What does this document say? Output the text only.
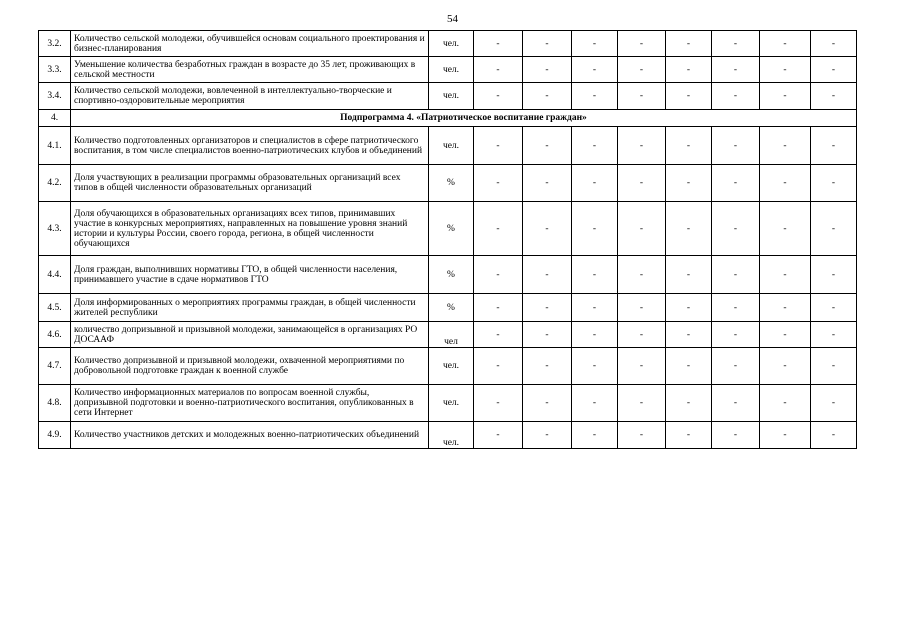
54
3.2.	Количество сельской молодежи, обучившейся основам социального проектирования и бизнес-планирования	чел.	-	-	-	-	-	-	-	-
3.3.	Уменьшение количества безработных граждан в возрасте до 35 лет, проживающих в сельской местности	чел.	-	-	-	-	-	-	-	-
3.4.	Количество сельской молодежи, вовлеченной в интеллектуально-творческие и спортивно-оздоровительные мероприятия	чел.	-	-	-	-	-	-	-	-
4.	Подпрограмма 4. «Патриотическое воспитание граждан»									
4.1.	Количество подготовленных организаторов и специалистов в сфере патриотического воспитания, в том числе специалистов военно-патриотических клубов и объединений	чел.	-	-	-	-	-	-	-	-
4.2.	Доля участвующих в реализации программы образовательных организаций всех типов в общей численности образовательных организаций	%	-	-	-	-	-	-	-	-
4.3.	Доля обучающихся в образовательных организациях всех типов, принимавших участие в конкурсных мероприятиях, направленных на повышение уровня знаний истории и культуры России, своего города, региона, в общей численности обучающихся	%	-	-	-	-	-	-	-	-
4.4.	Доля граждан, выполнивших нормативы ГТО, в общей численности населения, принимавшего участие в сдаче нормативов ГТО	%	-	-	-	-	-	-	-	-
4.5.	Доля информированных о мероприятиях программы граждан, в общей численности жителей республики	%	-	-	-	-	-	-	-	-
4.6.	количество допризывной и призывной молодежи, занимающейся в организациях РО ДОСААФ	чел	-	-	-	-	-	-	-	-
4.7.	Количество допризывной и призывной молодежи, охваченной мероприятиями по добровольной подготовке граждан к военной службе	чел.	-	-	-	-	-	-	-	-
4.8.	Количество информационных материалов по вопросам военной службы, допризывной подготовки и военно-патриотического воспитания, опубликованных в сети Интернет	чел.	-	-	-	-	-	-	-	-
4.9.	Количество участников детских и молодежных военно-патриотических объединений	чел.	-	-	-	-	-	-	-	-
